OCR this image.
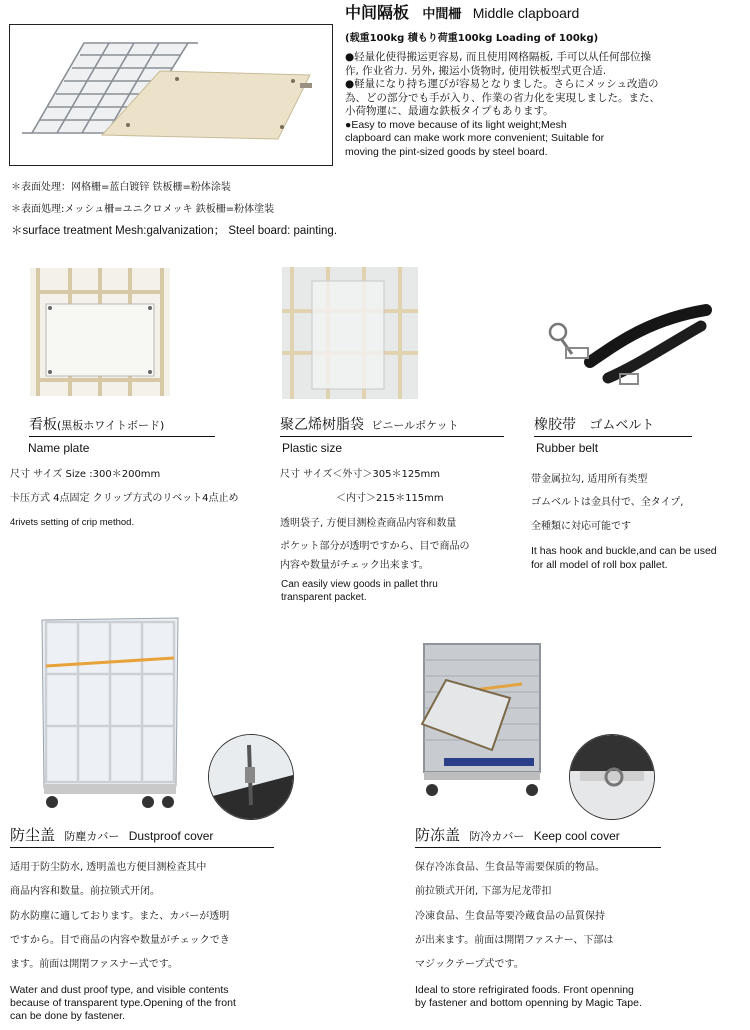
中间隔板 中間柵 Middle clapboard
(载重100kg 積もり荷重100kg Loading of 100kg)
●轻量化使得搬运更容易, 而且使用网格隔板, 手可以从任何部位操
作, 作业省力. 另外, 搬运小货物时, 使用铁板型式更合适.
●軽量になり持ち運びが容易となりました。さらにメッシュ改造の
為、どの部分でも手が入り、作業の省力化を実現しました。また、
小荷物運に、最適な鉄板タイプもあります。
●Easy to move because of its light weight;Mesh
clapboard can make work more convenient; Suitable for
moving the pint-sized goods by steel board.
＊表面处理：网格栅=蓝白镀锌 铁板栅=粉体涂装
＊表面処理:メッシュ柵=ユニクロメッキ 鉄板柵=粉体塗装
＊surface treatment Mesh:galvanization； Steel board: painting.
看板(黒板ホワイトボード)
Name plate
尺寸 サイズ Size :300＊200mm
卡压方式 4点固定 クリップ方式のリベット4点止め
4rivets setting of crip method.
聚乙烯树脂袋 ビニールポケット
Plastic size
尺寸 サイズ＜外寸＞305＊125mm
＜内寸＞215＊115mm
透明袋子, 方便目测检查商品内容和数量
ポケット部分が透明ですから、目で商品の
内容や数量がチェック出来ます。
Can easily view goods in pallet thru
transparent packet.
橡胶带 ゴムベルト
Rubber belt
带金属拉勾, 适用所有类型
ゴムベルトは金具付で、全タイプ,
全種類に対応可能です
It has hook and buckle,and can be used
for all model of roll box pallet.
防尘盖 防塵カバー Dustproof cover
适用于防尘防水, 透明盖也方便目测检查其中
商品内容和数量。前拉锁式开闭。
防水防塵に適しております。また、カバーが透明
ですから。目で商品の内容や数量がチェックでき
ます。前面は開閉ファスナー式です。
Water and dust proof type, and visible contents
because of transparent type.Opening of the front
can be done by fastener.
防冻盖 防冷カバー Keep cool cover
保存冷冻食品、生食品等需要保质的物品。
前拉锁式开闭, 下部为尼龙带扣
冷凍食品、生食品等要冷蔵食品の品質保持
が出来ます。前面は開閉ファスナー、下部は
マジックテープ式です。
Ideal to store refrigirated foods. Front openning
by fastener and bottom openning by Magic Tape.
